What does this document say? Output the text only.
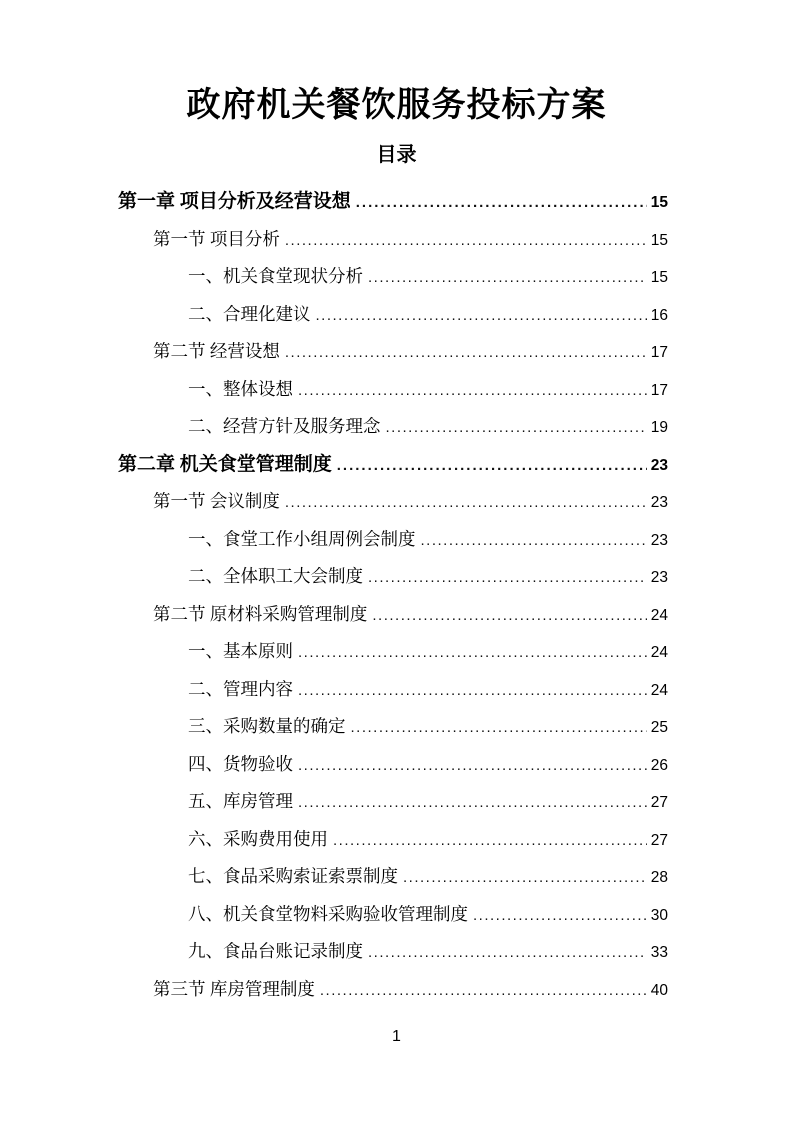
政府机关餐饮服务投标方案
目录
第一章 项目分析及经营设想 .....	15
第一节 项目分析 .....	15
一、机关食堂现状分析 .....	15
二、合理化建议 .....	16
第二节 经营设想 .....	17
一、整体设想 .....	17
二、经营方针及服务理念 .....	19
第二章 机关食堂管理制度 .....	23
第一节 会议制度 .....	23
一、食堂工作小组周例会制度 .....	23
二、全体职工大会制度 .....	23
第二节 原材料采购管理制度 .....	24
一、基本原则 .....	24
二、管理内容 .....	24
三、采购数量的确定 .....	25
四、货物验收 .....	26
五、库房管理 .....	27
六、采购费用使用 .....	27
七、食品采购索证索票制度 .....	28
八、机关食堂物料采购验收管理制度 .....	30
九、食品台账记录制度 .....	33
第三节 库房管理制度 .....	40
1
